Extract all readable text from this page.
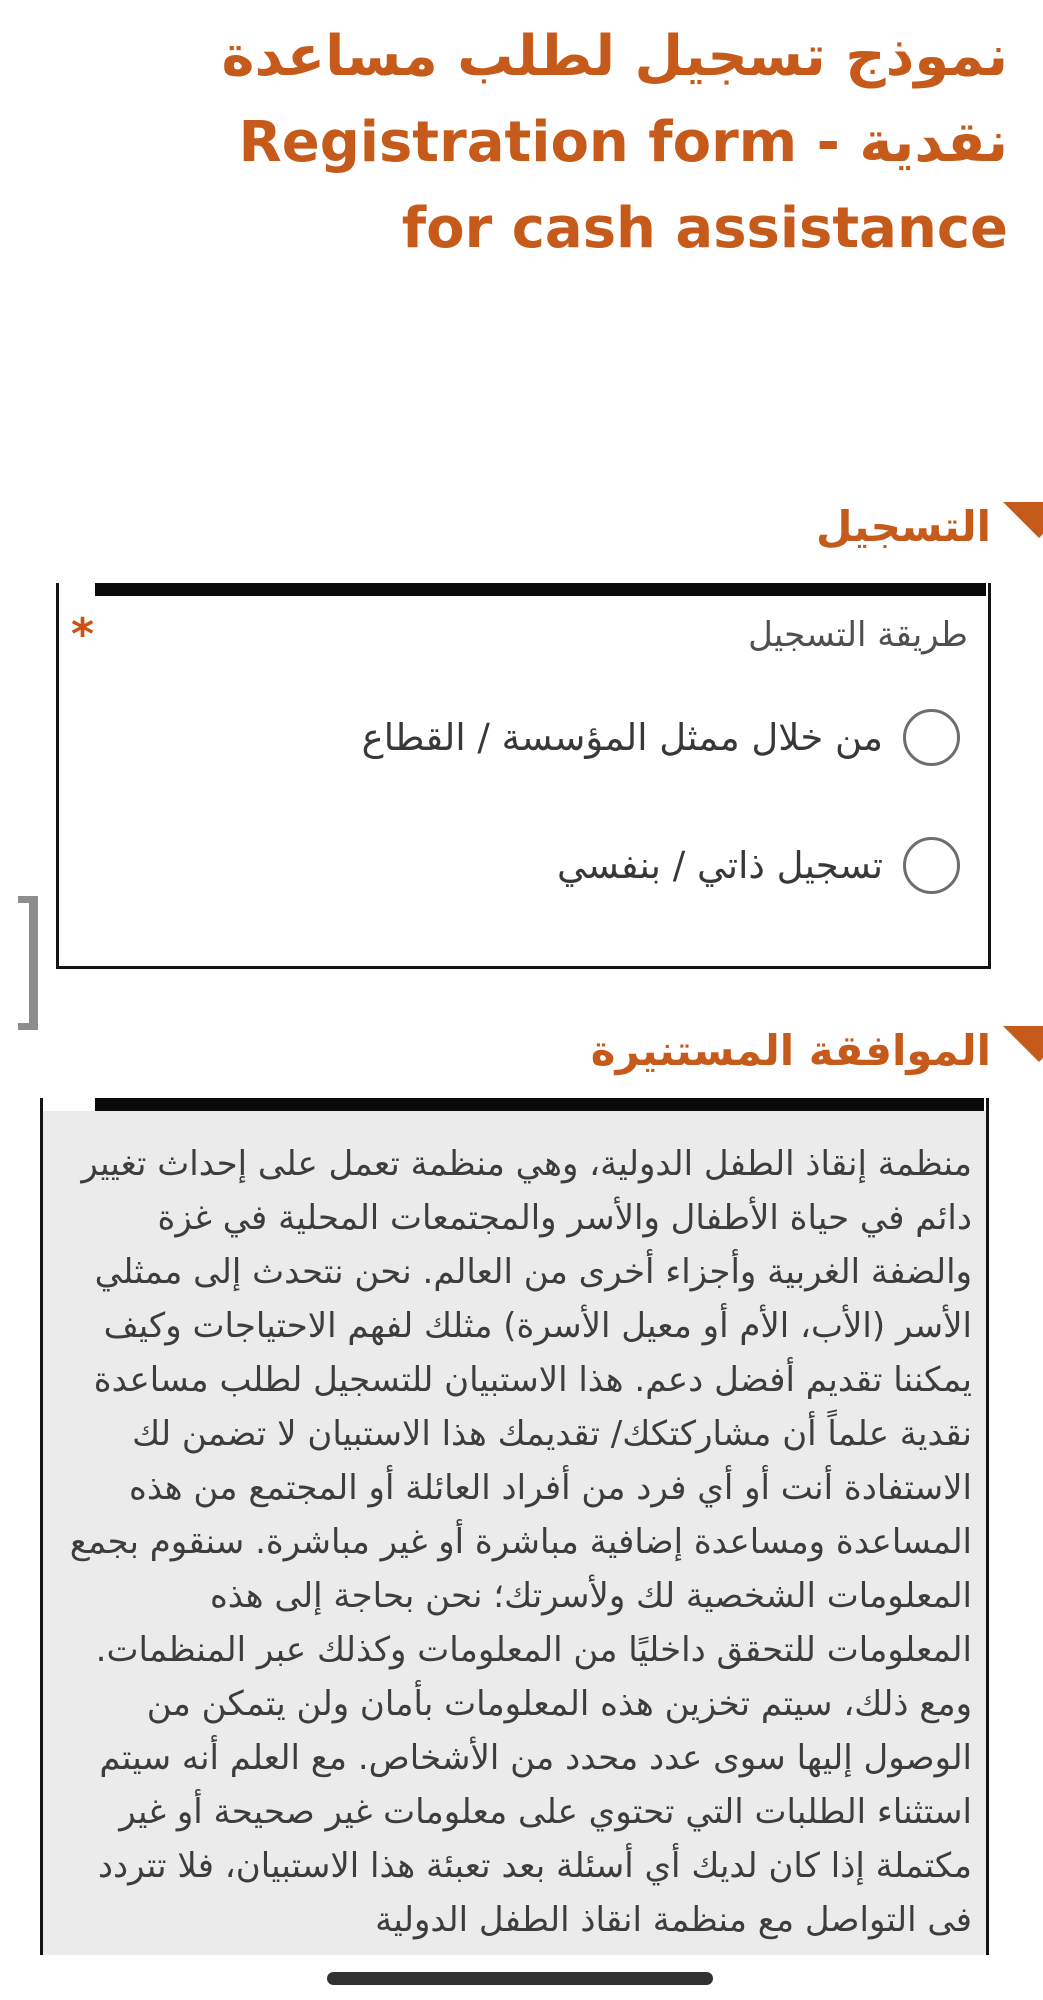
نموذج تسجيل لطلب مساعدة
نقدية - Registration form
for cash assistance
التسجيل
طريقة التسجيل
*
من خلال ممثل المؤسسة / القطاع
تسجيل ذاتي / بنفسي
الموافقة المستنيرة
منظمة إنقاذ الطفل الدولية، وهي منظمة تعمل على إحداث تغيير دائم في حياة الأطفال والأسر والمجتمعات المحلية في غزة والضفة الغربية وأجزاء أخرى من العالم. نحن نتحدث إلى ممثلي الأسر (الأب، الأم أو معيل الأسرة) مثلك لفهم الاحتياجات وكيف يمكننا تقديم أفضل دعم. هذا الاستبيان للتسجيل لطلب مساعدة نقدية علماً أن مشاركتكك/ تقديمك هذا الاستبيان لا تضمن لك الاستفادة أنت أو أي فرد من أفراد العائلة أو المجتمع من هذه المساعدة ومساعدة إضافية مباشرة أو غير مباشرة. سنقوم بجمع المعلومات الشخصية لك ولأسرتك؛ نحن بحاجة إلى هذه المعلومات للتحقق داخليًا من المعلومات وكذلك عبر المنظمات. ومع ذلك، سيتم تخزين هذه المعلومات بأمان ولن يتمكن من الوصول إليها سوى عدد محدد من الأشخاص. مع العلم أنه سيتم استثناء الطلبات التي تحتوي على معلومات غير صحيحة أو غير مكتملة إذا كان لديك أي أسئلة بعد تعبئة هذا الاستبيان، فلا تتردد فى التواصل مع منظمة انقاذ الطفل الدولية
